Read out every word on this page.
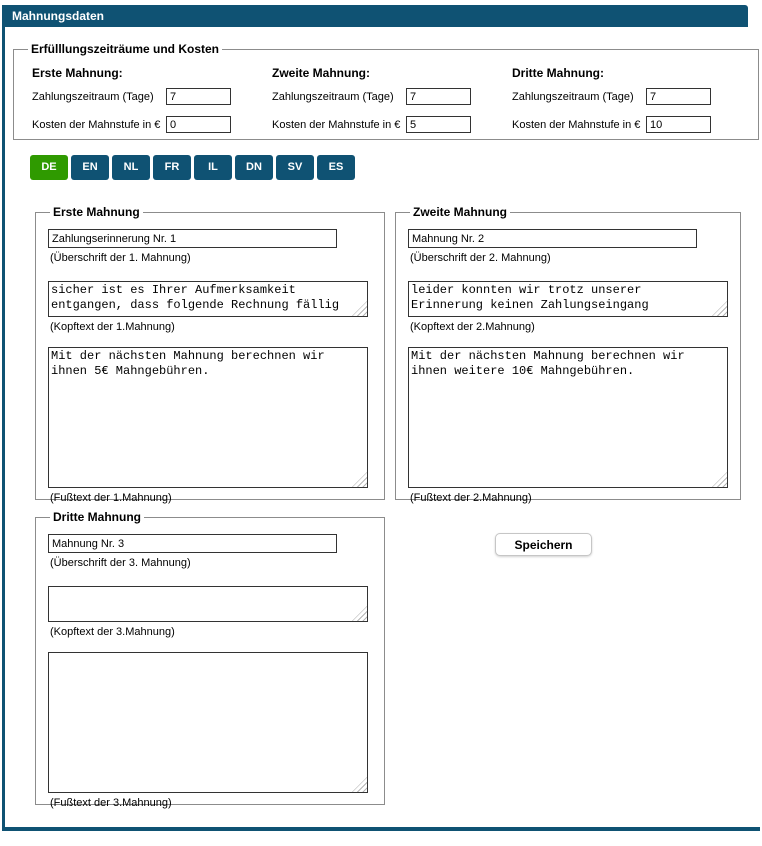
Mahnungsdaten
Erfülllungszeiträume und Kosten
Erste Mahnung:
Zahlungszeitraum (Tage)
7
Kosten der Mahnstufe in €
0
Zweite Mahnung:
Zahlungszeitraum (Tage)
7
Kosten der Mahnstufe in €
5
Dritte Mahnung:
Zahlungszeitraum (Tage)
7
Kosten der Mahnstufe in €
10
DE	EN	NL	FR	IL	DN	SV	ES
Erste Mahnung
Zahlungserinnerung Nr. 1
(Überschrift der 1. Mahnung)
sicher ist es Ihrer Aufmerksamkeit entgangen, dass folgende Rechnung fällig
(Kopftext der 1.Mahnung)
Mit der nächsten Mahnung berechnen wir ihnen 5€ Mahngebühren.
(Fußtext der 1.Mahnung)
Zweite Mahnung
Mahnung Nr. 2
(Überschrift der 2. Mahnung)
leider konnten wir trotz unserer Erinnerung keinen Zahlungseingang
(Kopftext der 2.Mahnung)
Mit der nächsten Mahnung berechnen wir ihnen weitere 10€ Mahngebühren.
(Fußtext der 2.Mahnung)
Dritte Mahnung
Mahnung Nr. 3
(Überschrift der 3. Mahnung)
(Kopftext der 3.Mahnung)
(Fußtext der 3.Mahnung)
Speichern
